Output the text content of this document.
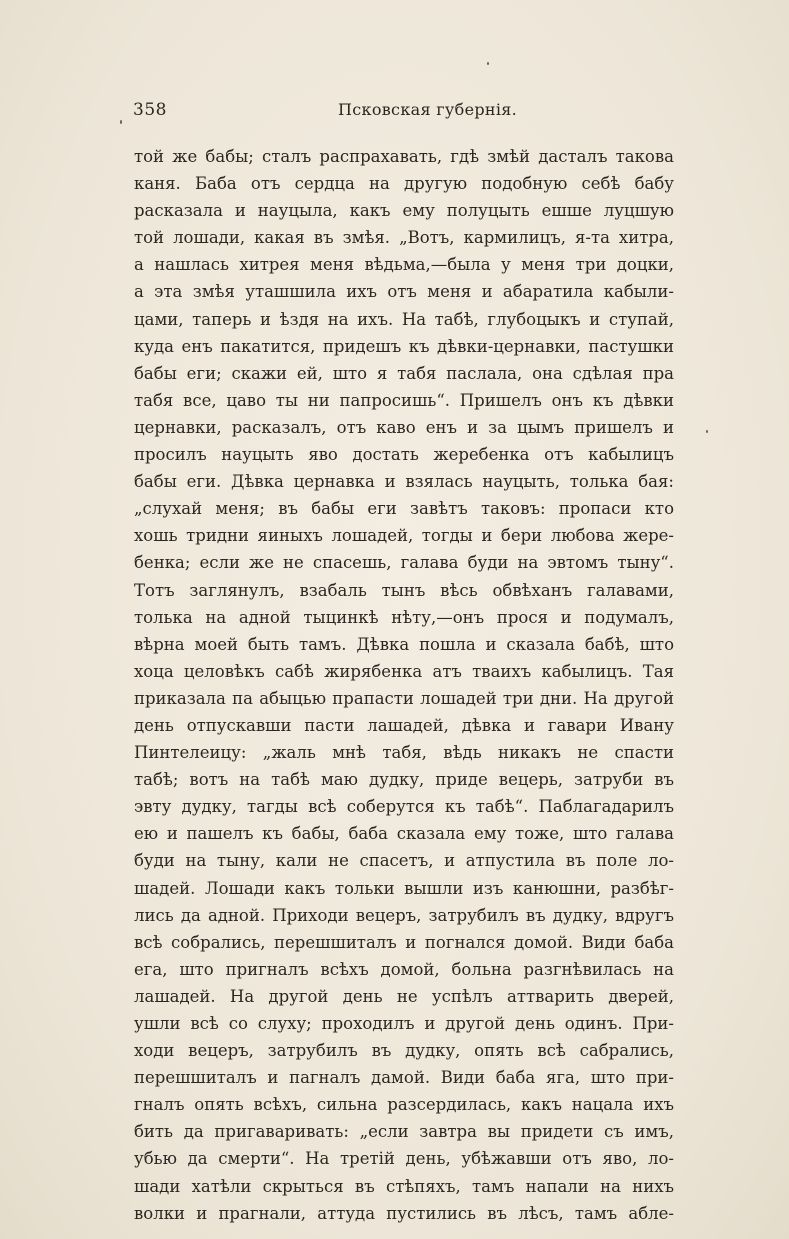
358	Псковская губернія.
той же бабы; сталъ распрахавать, гдѣ змѣй дасталъ такова
каня. Баба отъ сердца на другую подобную себѣ бабу
расказала и науцыла, какъ ему полуцыть ешше луцшую
той лошади, какая въ змѣя. „Вотъ, кармилицъ, я-та хитра,
а нашлась хитрея меня вѣдьма,—была у меня три доцки,
а эта змѣя уташшила ихъ отъ меня и абаратила кабыли-
цами, таперь и ѣздя на ихъ. На табѣ, глубоцыкъ и ступай,
куда енъ пакатится, придешъ къ дѣвки-цернавки, пастушки
бабы еги; скажи ей, што я табя паслала, она сдѣлая пра
табя все, цаво ты ни папросишь“. Пришелъ онъ къ дѣвки
цернавки, расказалъ, отъ каво енъ и за цымъ пришелъ и
просилъ науцыть яво достать жеребенка отъ кабылицъ
бабы еги. Дѣвка цернавка и взялась науцыть, толька бая:
„слухай меня; въ бабы еги завѣтъ таковъ: пропаси кто
хошь тридни яиныхъ лошадей, тогды и бери любова жере-
бенка; если же не спасешь, галава буди на эвтомъ тыну“.
Тотъ заглянулъ, взабаль тынъ вѣсь обвѣханъ галавами,
толька на адной тыцинкѣ нѣту,—онъ прося и подумалъ,
вѣрна моей быть тамъ. Дѣвка пошла и сказала бабѣ, што
хоца целовѣкъ сабѣ жирябенка атъ тваихъ кабылицъ. Тая
приказала па абыцью прапасти лошадей три дни. На другой
день отпускавши пасти лашадей, дѣвка и гавари Ивану
Пинтелеицу: „жаль мнѣ табя, вѣдь никакъ не спасти
табѣ; вотъ на табѣ маю дудку, приде вецерь, затруби въ
эвту дудку, тагды всѣ соберутся къ табѣ“. Паблагадарилъ
ею и пашелъ къ бабы, баба сказала ему тоже, што галава
буди на тыну, кали не спасетъ, и атпустила въ поле ло-
шадей. Лошади какъ тольки вышли изъ канюшни, разбѣг-
лись да адной. Приходи вецеръ, затрубилъ въ дудку, вдругъ
всѣ собрались, перешшиталъ и погнался домой. Види баба
ега, што пригналъ всѣхъ домой, больна разгнѣвилась на
лашадей. На другой день не успѣлъ аттварить дверей,
ушли всѣ со слуху; проходилъ и другой день одинъ. При-
ходи вецеръ, затрубилъ въ дудку, опять всѣ сабрались,
перешшиталъ и пагналъ дамой. Види баба яга, што при-
гналъ опять всѣхъ, сильна разсердилась, какъ нацала ихъ
бить да пригаваривать: „если завтра вы придети съ имъ,
убью да смерти“. На третій день, убѣжавши отъ яво, ло-
шади хатѣли скрыться въ стѣпяхъ, тамъ напали на нихъ
волки и прагнали, аттуда пустились въ лѣсъ, тамъ абле-
